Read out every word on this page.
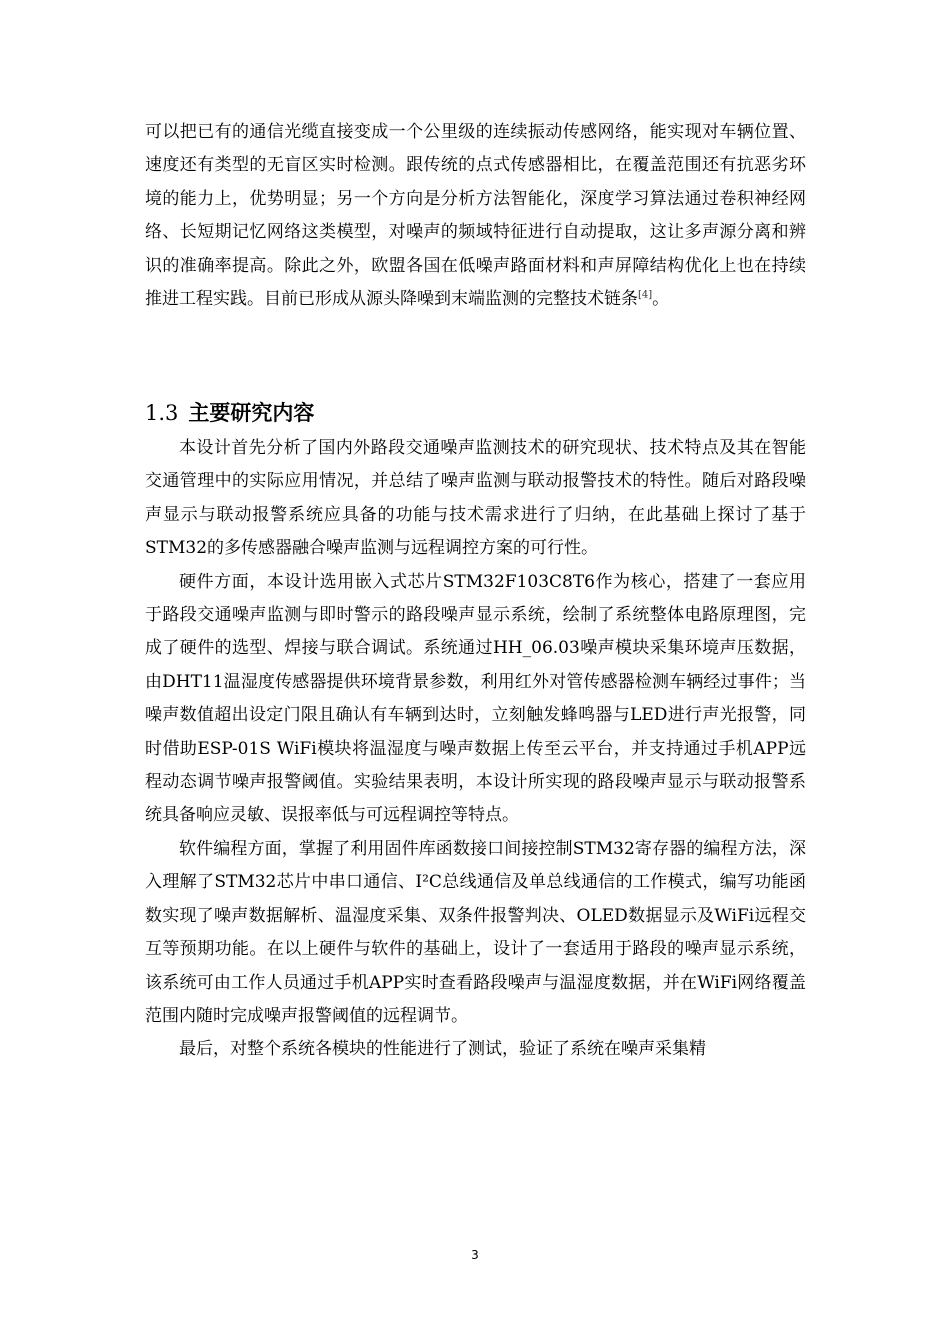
可以把已有的通信光缆直接变成一个公里级的连续振动传感网络，能实现对车辆位置、速度还有类型的无盲区实时检测。跟传统的点式传感器相比，在覆盖范围还有抗恶劣环境的能力上，优势明显；另一个方向是分析方法智能化，深度学习算法通过卷积神经网络、长短期记忆网络这类模型，对噪声的频域特征进行自动提取，这让多声源分离和辨识的准确率提高。除此之外，欧盟各国在低噪声路面材料和声屏障结构优化上也在持续推进工程实践。目前已形成从源头降噪到末端监测的完整技术链条[4]。

1.3 主要研究内容

本设计首先分析了国内外路段交通噪声监测技术的研究现状、技术特点及其在智能交通管理中的实际应用情况，并总结了噪声监测与联动报警技术的特性。随后对路段噪声显示与联动报警系统应具备的功能与技术需求进行了归纳，在此基础上探讨了基于STM32的多传感器融合噪声监测与远程调控方案的可行性。

硬件方面，本设计选用嵌入式芯片STM32F103C8T6作为核心，搭建了一套应用于路段交通噪声监测与即时警示的路段噪声显示系统，绘制了系统整体电路原理图，完成了硬件的选型、焊接与联合调试。系统通过HH_06.03噪声模块采集环境声压数据，由DHT11温湿度传感器提供环境背景参数，利用红外对管传感器检测车辆经过事件；当噪声数值超出设定门限且确认有车辆到达时，立刻触发蜂鸣器与LED进行声光报警，同时借助ESP-01S WiFi模块将温湿度与噪声数据上传至云平台，并支持通过手机APP远程动态调节噪声报警阈值。实验结果表明，本设计所实现的路段噪声显示与联动报警系统具备响应灵敏、误报率低与可远程调控等特点。

软件编程方面，掌握了利用固件库函数接口间接控制STM32寄存器的编程方法，深入理解了STM32芯片中串口通信、I²C总线通信及单总线通信的工作模式，编写功能函数实现了噪声数据解析、温湿度采集、双条件报警判决、OLED数据显示及WiFi远程交互等预期功能。在以上硬件与软件的基础上，设计了一套适用于路段的噪声显示系统，该系统可由工作人员通过手机APP实时查看路段噪声与温湿度数据，并在WiFi网络覆盖范围内随时完成噪声报警阈值的远程调节。

最后，对整个系统各模块的性能进行了测试，验证了系统在噪声采集精

3
